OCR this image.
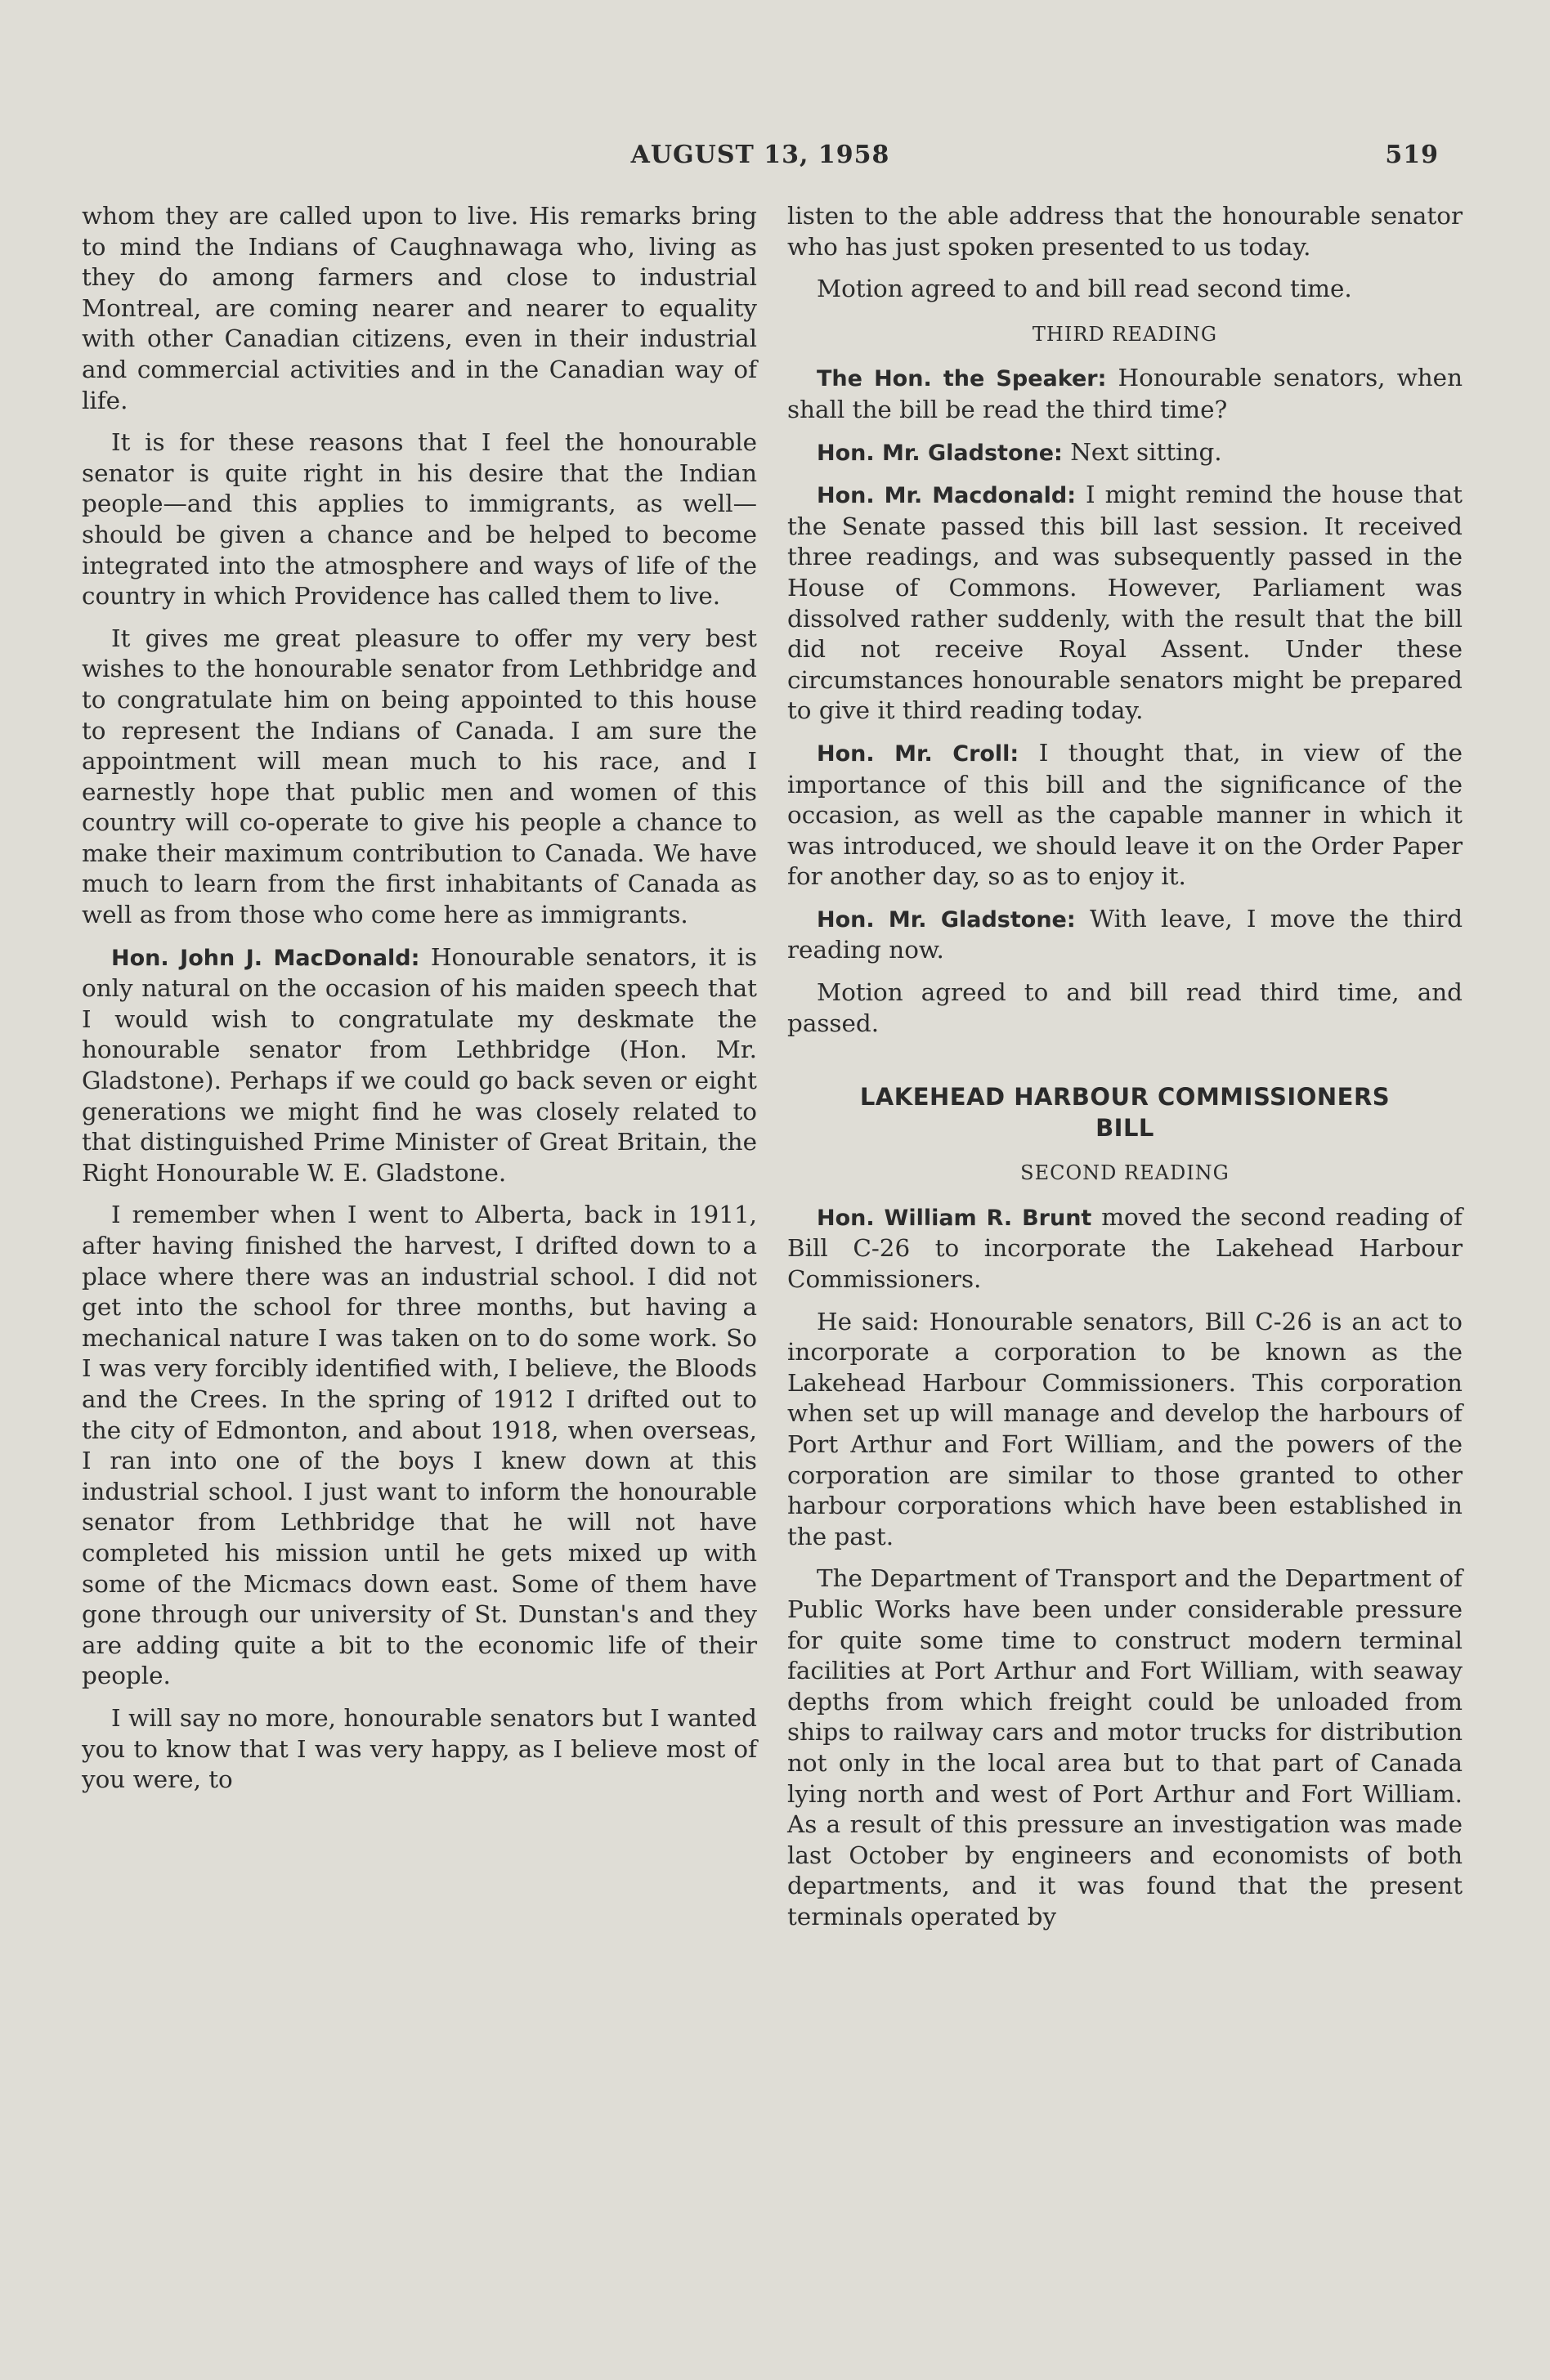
AUGUST 13, 1958	519

whom they are called upon to live. His remarks bring to mind the Indians of Caughnawaga who, living as they do among farmers and close to industrial Montreal, are coming nearer and nearer to equality with other Canadian citizens, even in their industrial and commercial activities and in the Canadian way of life.

It is for these reasons that I feel the honourable senator is quite right in his desire that the Indian people—and this applies to immigrants, as well—should be given a chance and be helped to become integrated into the atmosphere and ways of life of the country in which Providence has called them to live.

It gives me great pleasure to offer my very best wishes to the honourable senator from Lethbridge and to congratulate him on being appointed to this house to represent the Indians of Canada. I am sure the appointment will mean much to his race, and I earnestly hope that public men and women of this country will co-operate to give his people a chance to make their maximum contribution to Canada. We have much to learn from the first inhabitants of Canada as well as from those who come here as immigrants.

Hon. John J. MacDonald: Honourable senators, it is only natural on the occasion of his maiden speech that I would wish to congratulate my deskmate the honourable senator from Lethbridge (Hon. Mr. Gladstone). Perhaps if we could go back seven or eight generations we might find he was closely related to that distinguished Prime Minister of Great Britain, the Right Honourable W. E. Gladstone.

I remember when I went to Alberta, back in 1911, after having finished the harvest, I drifted down to a place where there was an industrial school. I did not get into the school for three months, but having a mechanical nature I was taken on to do some work. So I was very forcibly identified with, I believe, the Bloods and the Crees. In the spring of 1912 I drifted out to the city of Edmonton, and about 1918, when overseas, I ran into one of the boys I knew down at this industrial school. I just want to inform the honourable senator from Lethbridge that he will not have completed his mission until he gets mixed up with some of the Micmacs down east. Some of them have gone through our university of St. Dunstan's and they are adding quite a bit to the economic life of their people.

I will say no more, honourable senators but I wanted you to know that I was very happy, as I believe most of you were, to

listen to the able address that the honourable senator who has just spoken presented to us today.

Motion agreed to and bill read second time.

THIRD READING

The Hon. the Speaker: Honourable senators, when shall the bill be read the third time?

Hon. Mr. Gladstone: Next sitting.

Hon. Mr. Macdonald: I might remind the house that the Senate passed this bill last session. It received three readings, and was subsequently passed in the House of Commons. However, Parliament was dissolved rather suddenly, with the result that the bill did not receive Royal Assent. Under these circumstances honourable senators might be prepared to give it third reading today.

Hon. Mr. Croll: I thought that, in view of the importance of this bill and the significance of the occasion, as well as the capable manner in which it was introduced, we should leave it on the Order Paper for another day, so as to enjoy it.

Hon. Mr. Gladstone: With leave, I move the third reading now.

Motion agreed to and bill read third time, and passed.

LAKEHEAD HARBOUR COMMISSIONERS
BILL
SECOND READING

Hon. William R. Brunt moved the second reading of Bill C-26 to incorporate the Lakehead Harbour Commissioners.

He said: Honourable senators, Bill C-26 is an act to incorporate a corporation to be known as the Lakehead Harbour Commissioners. This corporation when set up will manage and develop the harbours of Port Arthur and Fort William, and the powers of the corporation are similar to those granted to other harbour corporations which have been established in the past.

The Department of Transport and the Department of Public Works have been under considerable pressure for quite some time to construct modern terminal facilities at Port Arthur and Fort William, with seaway depths from which freight could be unloaded from ships to railway cars and motor trucks for distribution not only in the local area but to that part of Canada lying north and west of Port Arthur and Fort William. As a result of this pressure an investigation was made last October by engineers and economists of both departments, and it was found that the present terminals operated by
